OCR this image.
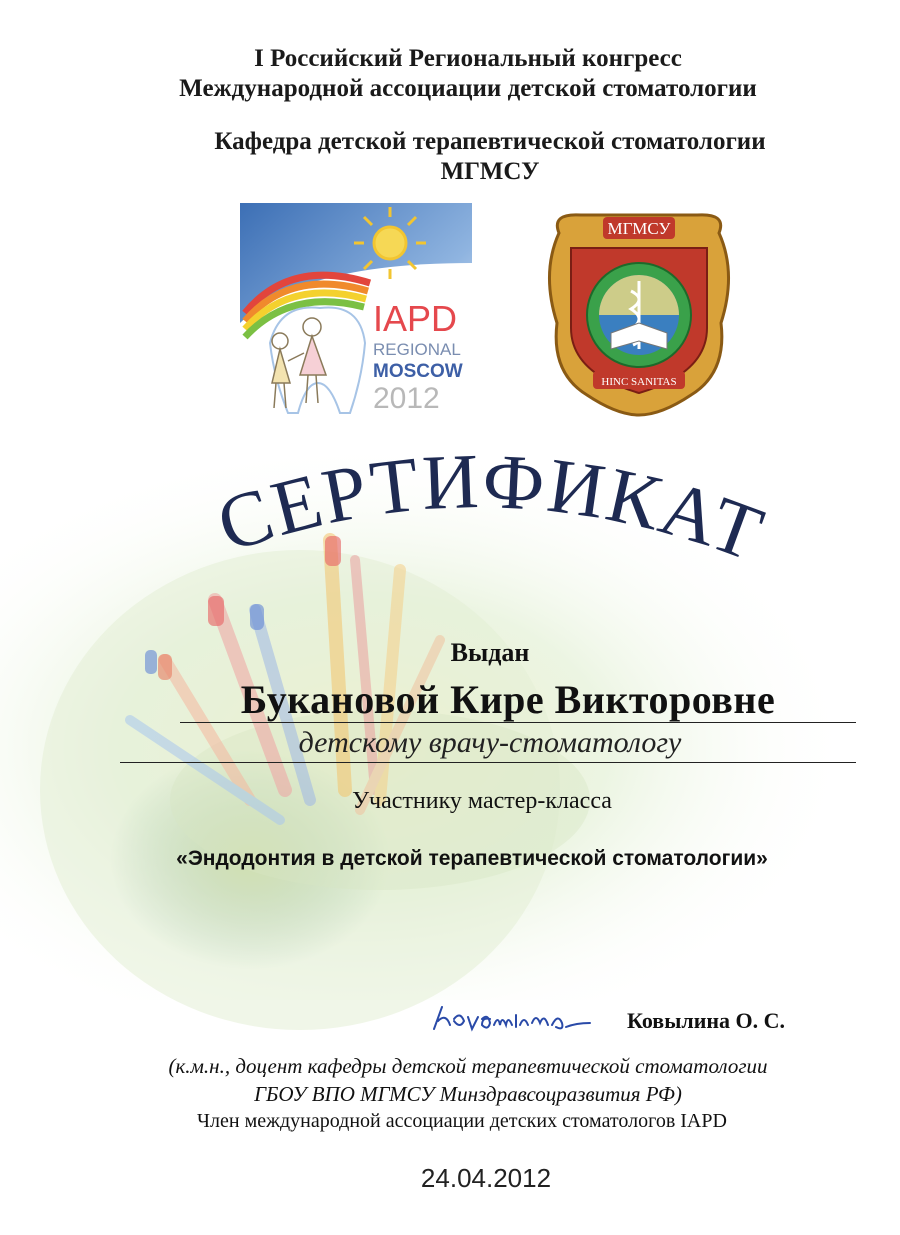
I Российский Региональный конгресс
Международной ассоциации детской стоматологии
Кафедра детской терапевтической стоматологии
МГМСУ
IAPD
REGIONAL
MOSCOW
2012
МГМСУ
HINC SANITAS
СЕРТИФИКАТ
Выдан
Букановой Кире Викторовне
детскому врачу-стоматологу
Участнику мастер-класса
«Эндодонтия в детской терапевтической стоматологии»
Ковылина О. С.
(к.м.н., доцент кафедры детской терапевтической стоматологии
ГБОУ ВПО МГМСУ Минздравсоцразвития РФ)
Член международной ассоциации детских стоматологов IAPD
24.04.2012
